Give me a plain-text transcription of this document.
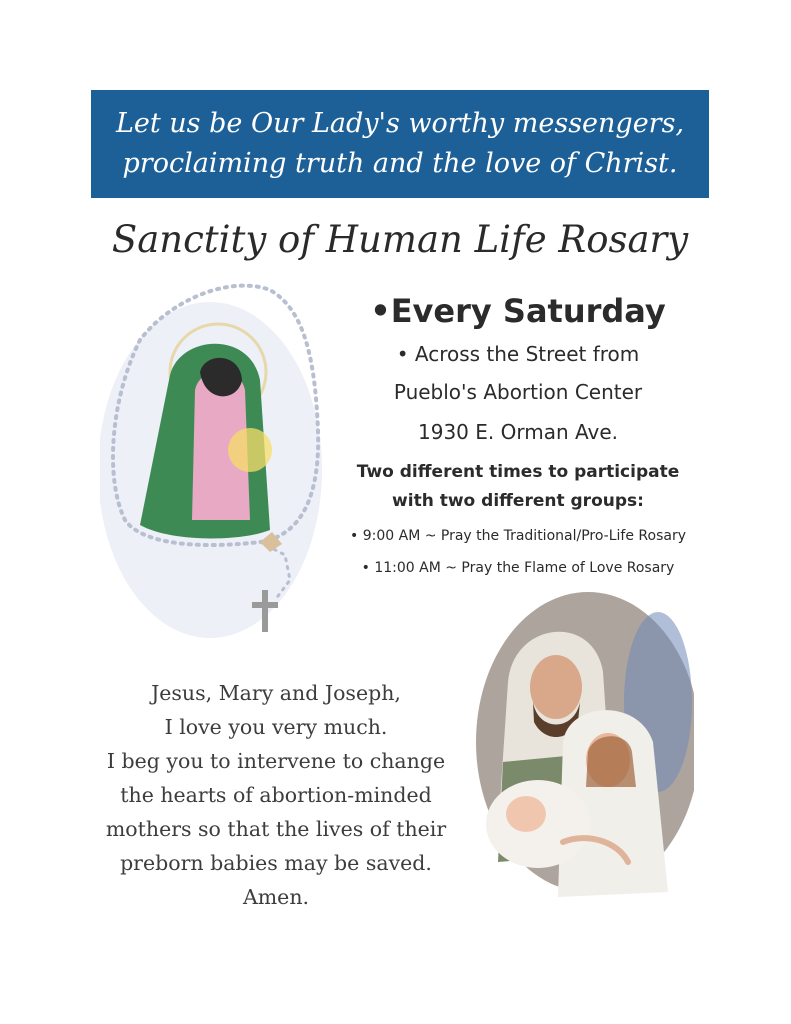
Let us be Our Lady's worthy messengers,
proclaiming truth and the love of Christ.
Sanctity of Human Life Rosary
•Every Saturday
• Across the Street from
Pueblo's Abortion Center
1930 E. Orman Ave.
Two different times to participate
with two different groups:
• 9:00 AM ~ Pray the Traditional/Pro-Life Rosary
• 11:00 AM ~ Pray the Flame of Love Rosary
Jesus, Mary and Joseph,
I love you very much.
I beg you to intervene to change
the hearts of abortion-minded
mothers so that the lives of their
preborn babies may be saved.
Amen.
